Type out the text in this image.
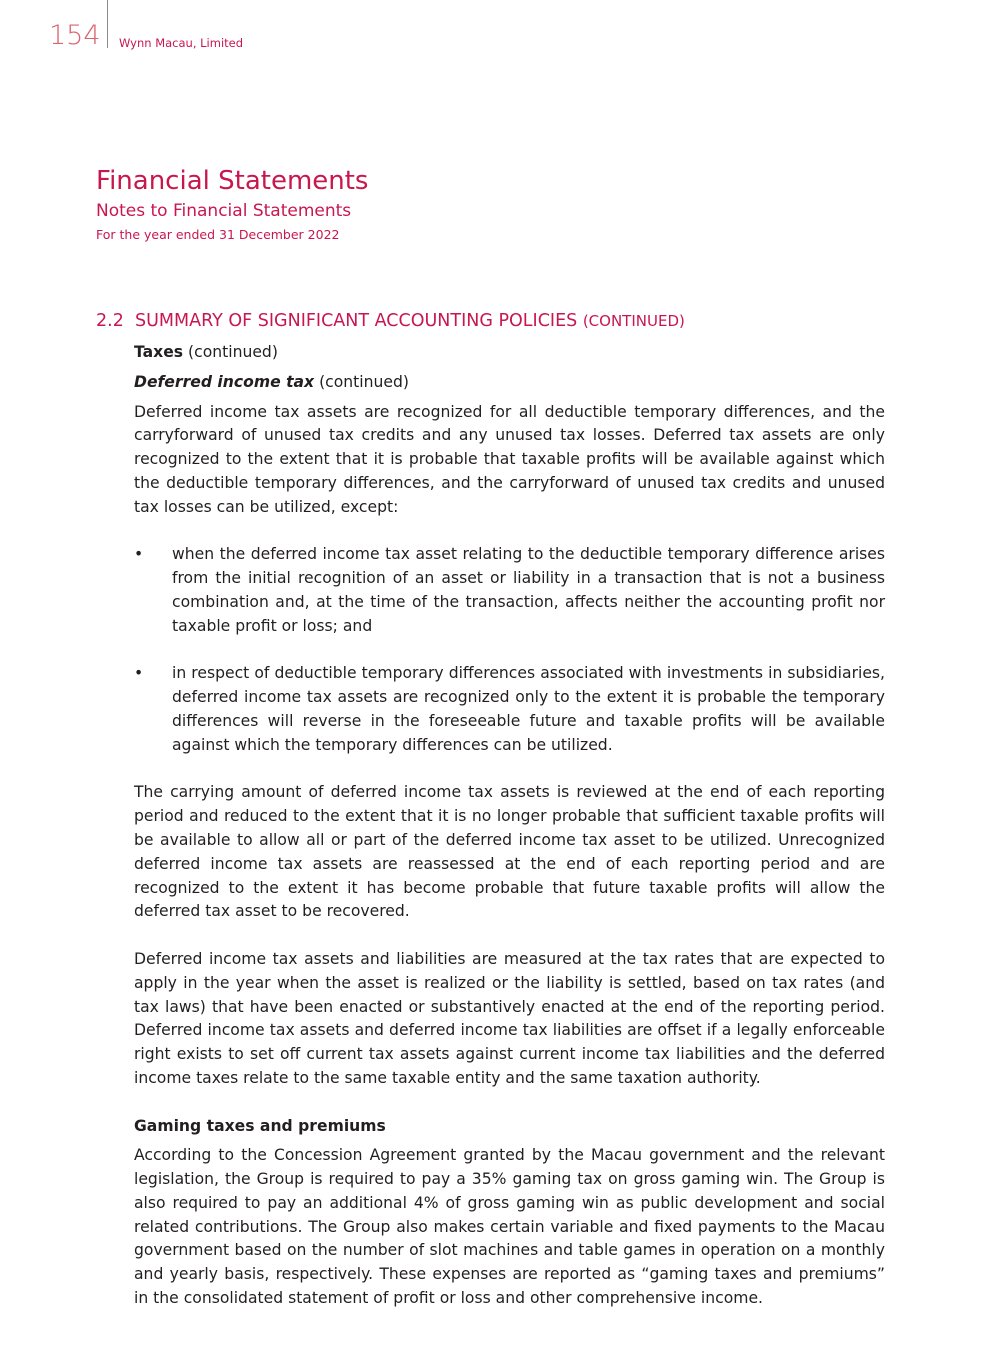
154 Wynn Macau, Limited
Financial Statements
Notes to Financial Statements
For the year ended 31 December 2022
2.2 SUMMARY OF SIGNIFICANT ACCOUNTING POLICIES (CONTINUED)

Taxes (continued)

Deferred income tax (continued)

Deferred income tax assets are recognized for all deductible temporary differences, and the carryforward of unused tax credits and any unused tax losses. Deferred tax assets are only recognized to the extent that it is probable that taxable profits will be available against which the deductible temporary differences, and the carryforward of unused tax credits and unused tax losses can be utilized, except:

•	when the deferred income tax asset relating to the deductible temporary difference arises from the initial recognition of an asset or liability in a transaction that is not a business combination and, at the time of the transaction, affects neither the accounting profit nor taxable profit or loss; and

•	in respect of deductible temporary differences associated with investments in subsidiaries, deferred income tax assets are recognized only to the extent it is probable the temporary differences will reverse in the foreseeable future and taxable profits will be available against which the temporary differences can be utilized.

The carrying amount of deferred income tax assets is reviewed at the end of each reporting period and reduced to the extent that it is no longer probable that sufficient taxable profits will be available to allow all or part of the deferred income tax asset to be utilized. Unrecognized deferred income tax assets are reassessed at the end of each reporting period and are recognized to the extent it has become probable that future taxable profits will allow the deferred tax asset to be recovered.

Deferred income tax assets and liabilities are measured at the tax rates that are expected to apply in the year when the asset is realized or the liability is settled, based on tax rates (and tax laws) that have been enacted or substantively enacted at the end of the reporting period. Deferred income tax assets and deferred income tax liabilities are offset if a legally enforceable right exists to set off current tax assets against current income tax liabilities and the deferred income taxes relate to the same taxable entity and the same taxation authority.

Gaming taxes and premiums

According to the Concession Agreement granted by the Macau government and the relevant legislation, the Group is required to pay a 35% gaming tax on gross gaming win. The Group is also required to pay an additional 4% of gross gaming win as public development and social related contributions. The Group also makes certain variable and fixed payments to the Macau government based on the number of slot machines and table games in operation on a monthly and yearly basis, respectively. These expenses are reported as “gaming taxes and premiums” in the consolidated statement of profit or loss and other comprehensive income.
